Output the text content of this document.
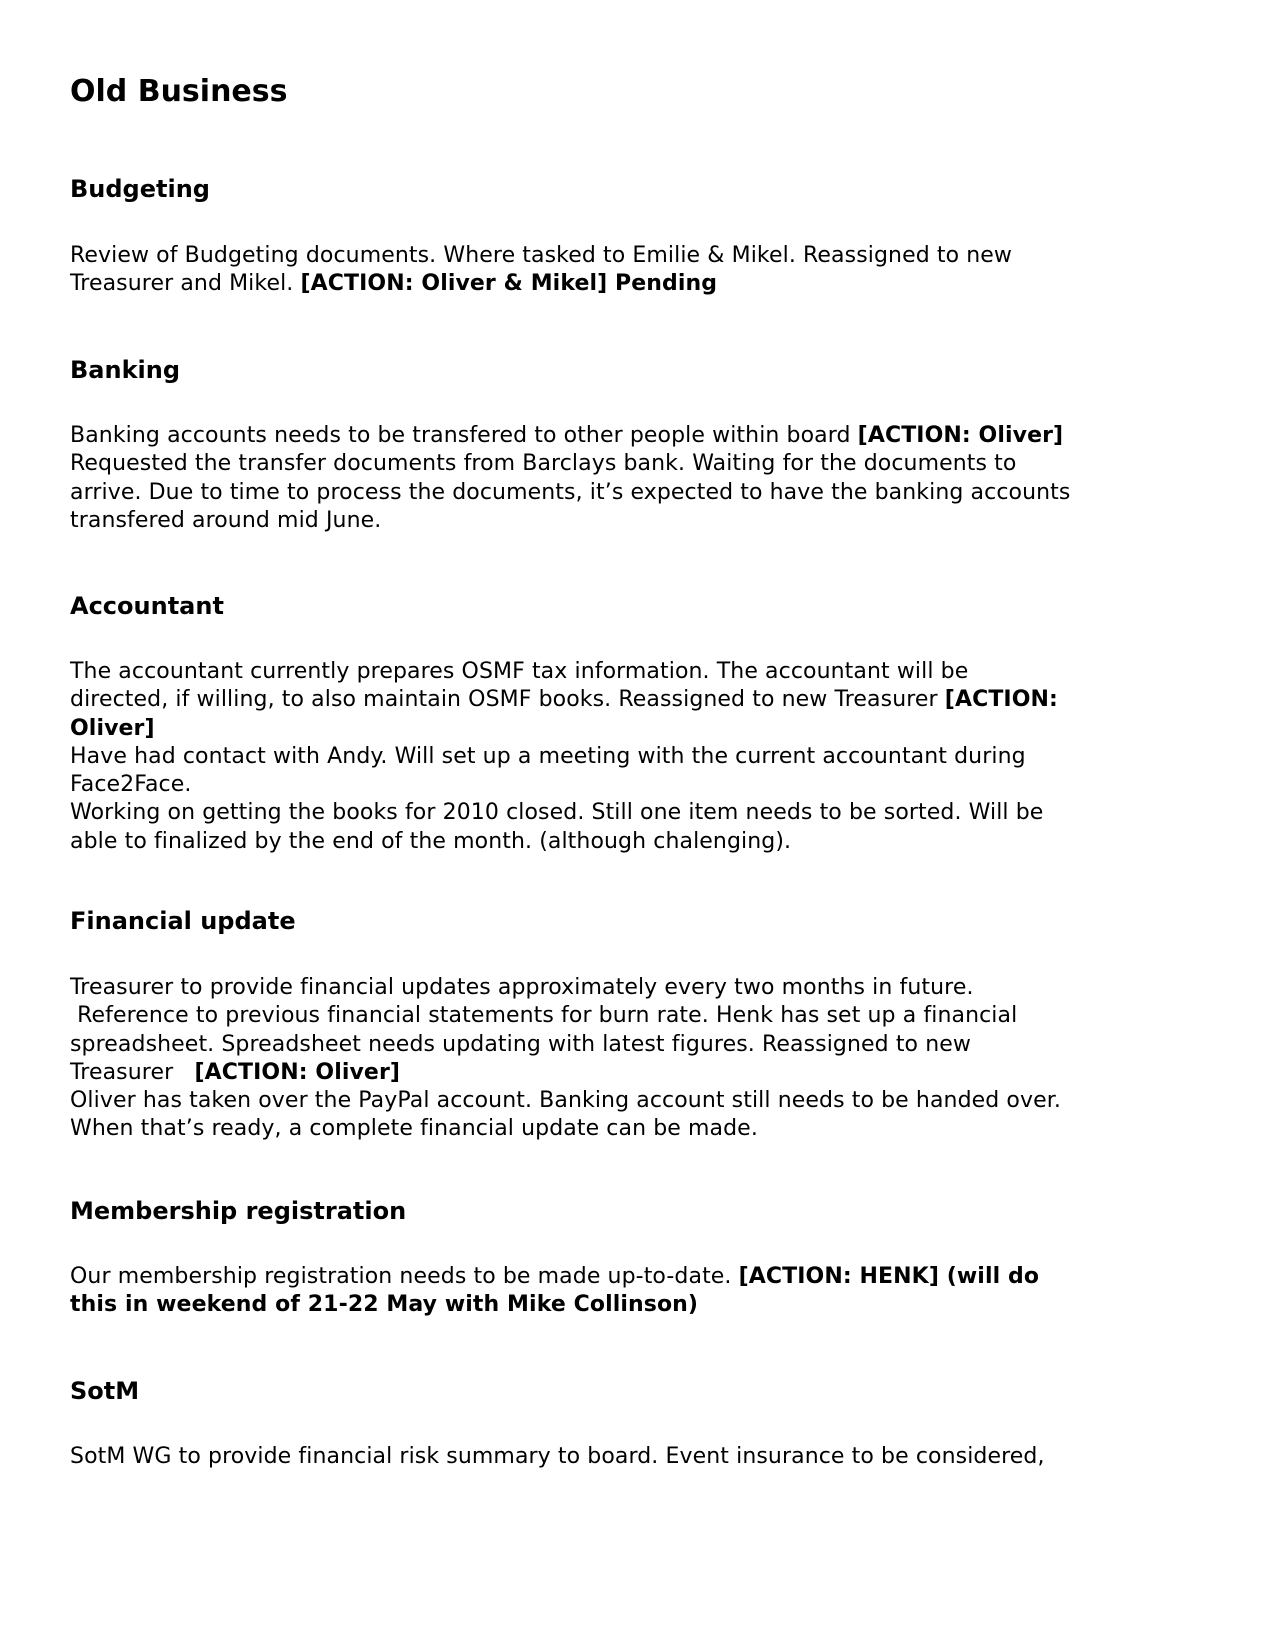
Old Business
Budgeting

Review of Budgeting documents. Where tasked to Emilie & Mikel. Reassigned to new
Treasurer and Mikel. [ACTION: Oliver & Mikel] Pending

Banking

Banking accounts needs to be transfered to other people within board [ACTION: Oliver]
Requested the transfer documents from Barclays bank. Waiting for the documents to
arrive. Due to time to process the documents, it’s expected to have the banking accounts
transfered around mid June.

Accountant

The accountant currently prepares OSMF tax information. The accountant will be
directed, if willing, to also maintain OSMF books. Reassigned to new Treasurer [ACTION:
Oliver]
Have had contact with Andy. Will set up a meeting with the current accountant during
Face2Face.
Working on getting the books for 2010 closed. Still one item needs to be sorted. Will be
able to finalized by the end of the month. (although chalenging).

Financial update

Treasurer to provide financial updates approximately every two months in future.
Reference to previous financial statements for burn rate. Henk has set up a financial
spreadsheet. Spreadsheet needs updating with latest figures. Reassigned to new
Treasurer   [ACTION: Oliver]
Oliver has taken over the PayPal account. Banking account still needs to be handed over.
When that’s ready, a complete financial update can be made.

Membership registration

Our membership registration needs to be made up-to-date. [ACTION: HENK] (will do
this in weekend of 21-22 May with Mike Collinson)

SotM

SotM WG to provide financial risk summary to board. Event insurance to be considered,
